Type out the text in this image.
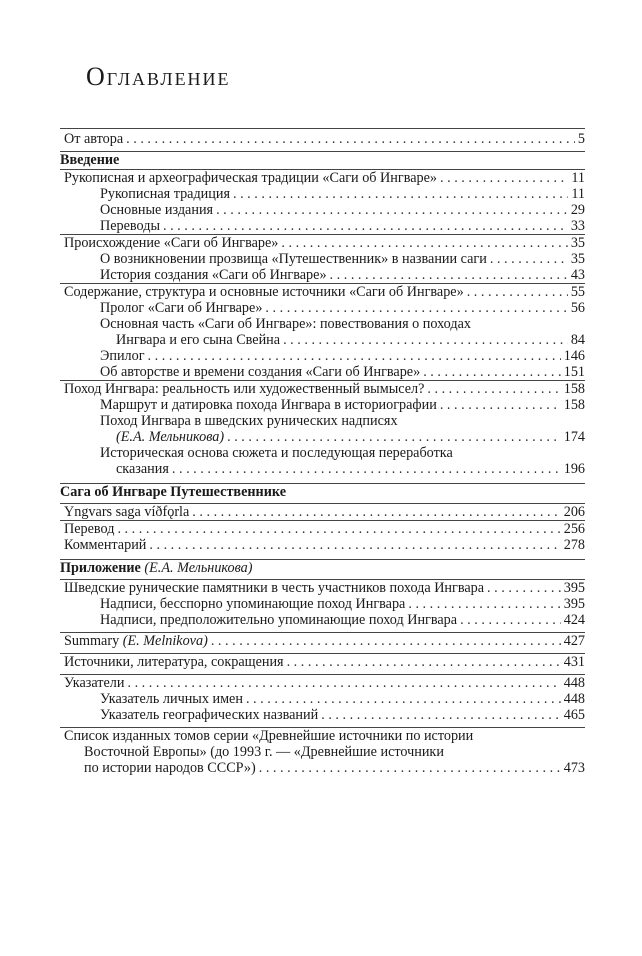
Оглавление
От автора . . .	5
Введение
Рукописная и археографическая традиции «Саги об Ингваре» . . .	11
Рукописная традиция . . .	11
Основные издания . . .	29
Переводы . . .	33
Происхождение «Саги об Ингваре» . . .	35
О возникновении прозвища «Путешественник» в названии саги . . .	35
История создания «Саги об Ингваре» . . .	43
Содержание, структура и основные источники «Саги об Ингваре» . . .	55
Пролог «Саги об Ингваре» . . .	56
Основная часть «Саги об Ингваре»: повествования о походах
Ингвара и его сына Свейна . . .	84
Эпилог . . .	146
Об авторстве и времени создания «Саги об Ингваре» . . .	151
Поход Ингвара: реальность или художественный вымысел? . . .	158
Маршрут и датировка похода Ингвара в историографии . . .	158
Поход Ингвара в шведских рунических надписях
(Е.А. Мельникова) . . .	174
Историческая основа сюжета и последующая переработка
сказания . . .	196
Сага об Ингваре Путешественнике
Yngvars saga víðfǫrla . . .	206
Перевод . . .	256
Комментарий . . .	278
Приложение (Е.А. Мельникова)
Шведские рунические памятники в честь участников похода Ингвара . . .	395
Надписи, бесспорно упоминающие поход Ингвара . . .	395
Надписи, предположительно упоминающие поход Ингвара . . .	424
Summary (E. Melnikova) . . .	427
Источники, литература, сокращения . . .	431
Указатели . . .	448
Указатель личных имен . . .	448
Указатель географических названий . . .	465
Список изданных томов серии «Древнейшие источники по истории
Восточной Европы» (до 1993 г. — «Древнейшие источники
по истории народов СССР») . . .	473
